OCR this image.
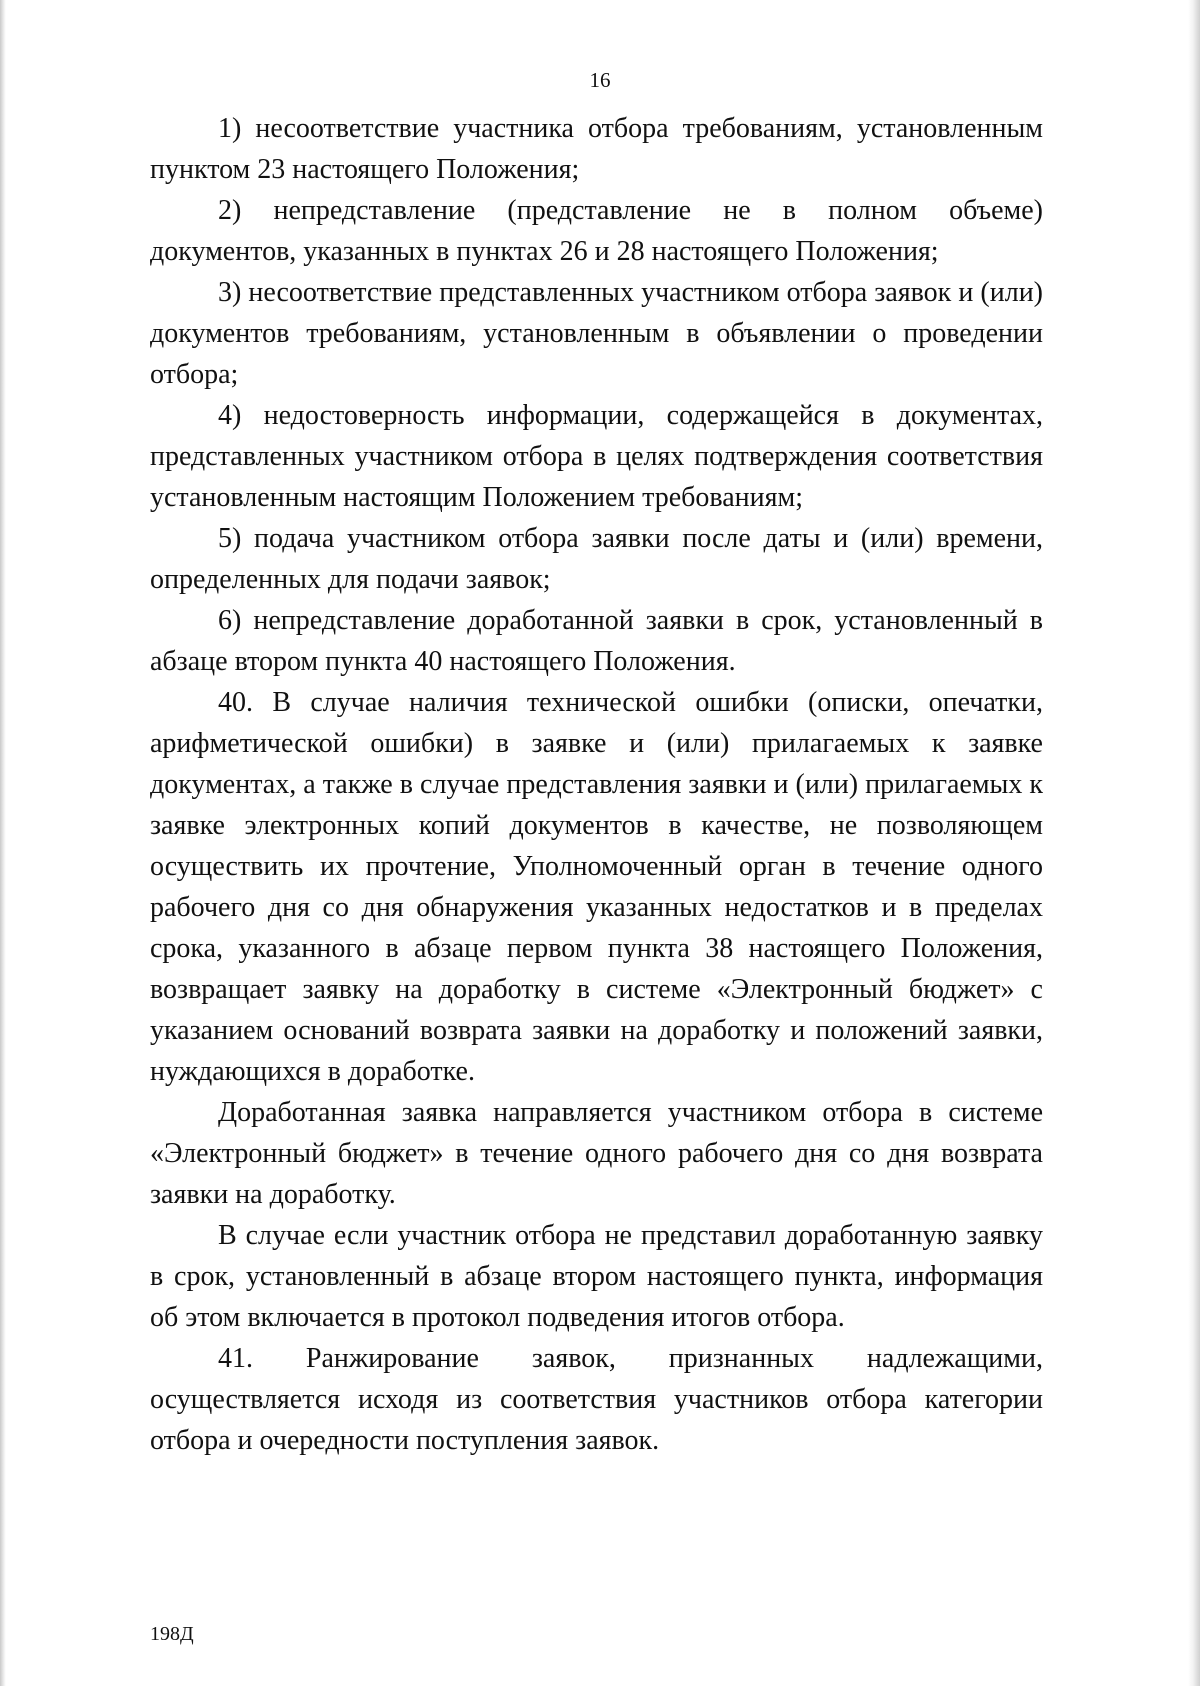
16

1) несоответствие участника отбора требованиям, установленным пунктом 23 настоящего Положения;

2) непредставление (представление не в полном объеме) документов, указанных в пунктах 26 и 28 настоящего Положения;

3) несоответствие представленных участником отбора заявок и (или) документов требованиям, установленным в объявлении о проведении отбора;

4) недостоверность информации, содержащейся в документах, представленных участником отбора в целях подтверждения соответствия установленным настоящим Положением требованиям;

5) подача участником отбора заявки после даты и (или) времени, определенных для подачи заявок;

6) непредставление доработанной заявки в срок, установленный в абзаце втором пункта 40 настоящего Положения.

40. В случае наличия технической ошибки (описки, опечатки, арифметической ошибки) в заявке и (или) прилагаемых к заявке документах, а также в случае представления заявки и (или) прилагаемых к заявке электронных копий документов в качестве, не позволяющем осуществить их прочтение, Уполномоченный орган в течение одного рабочего дня со дня обнаружения указанных недостатков и в пределах срока, указанного в абзаце первом пункта 38 настоящего Положения, возвращает заявку на доработку в системе «Электронный бюджет» с указанием оснований возврата заявки на доработку и положений заявки, нуждающихся в доработке.

Доработанная заявка направляется участником отбора в системе «Электронный бюджет» в течение одного рабочего дня со дня возврата заявки на доработку.

В случае если участник отбора не представил доработанную заявку в срок, установленный в абзаце втором настоящего пункта, информация об этом включается в протокол подведения итогов отбора.

41. Ранжирование заявок, признанных надлежащими, осуществляется исходя из соответствия участников отбора категории отбора и очередности поступления заявок.

198Д
